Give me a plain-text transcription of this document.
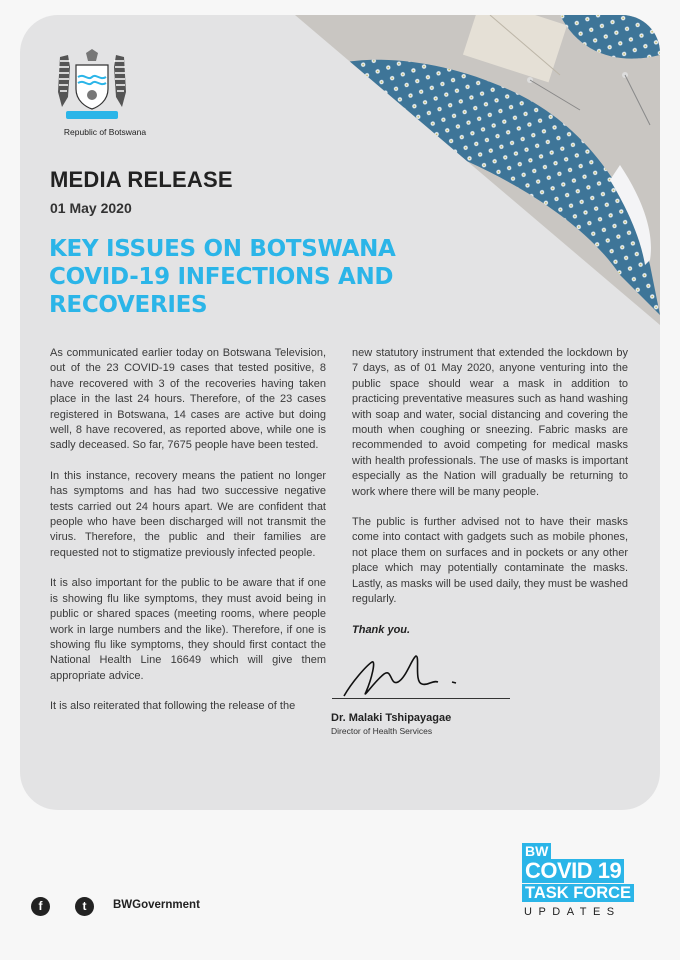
Republic of Botswana
MEDIA RELEASE
01 May 2020
KEY ISSUES ON BOTSWANA
COVID-19 INFECTIONS AND
RECOVERIES

As communicated earlier today on Botswana Television, out of the 23 COVID-19 cases that tested positive, 8 have recovered with 3 of the recoveries having taken place in the last 24 hours. Therefore, of the 23 cases registered in Botswana, 14 cases are active but doing well, 8 have recovered, as reported above, while one is sadly deceased. So far, 7675 people have been tested.

In this instance, recovery means the patient no longer has symptoms and has had two successive negative tests carried out 24 hours apart. We are confident that people who have been discharged will not transmit the virus. Therefore, the public and their families are requested not to stigmatize previously infected people.

It is also important for the public to be aware that if one is showing flu like symptoms, they must avoid being in public or shared spaces (meeting rooms, where people work in large numbers and the like). Therefore, if one is showing flu like symptoms, they should first contact the National Health Line 16649 which will give them appropriate advice.

It is also reiterated that following the release of the

new statutory instrument that extended the lockdown by 7 days, as of 01 May 2020, anyone venturing into the public space should wear a mask in addition to practicing preventative measures such as hand washing with soap and water, social distancing and covering the mouth when coughing or sneezing. Fabric masks are recommended to avoid competing for medical masks with health professionals. The use of masks is important especially as the Nation will gradually be returning to work where there will be many people.

The public is further advised not to have their masks come into contact with gadgets such as mobile phones, not place them on surfaces and in pockets or any other place which may potentially contaminate the masks. Lastly, as masks will be used daily, they must be washed regularly.

Thank you.

Dr. Malaki Tshipayagae
Director of Health Services
f	t	BWGovernment
BW
COVID 19
TASK FORCE
UPDATES
